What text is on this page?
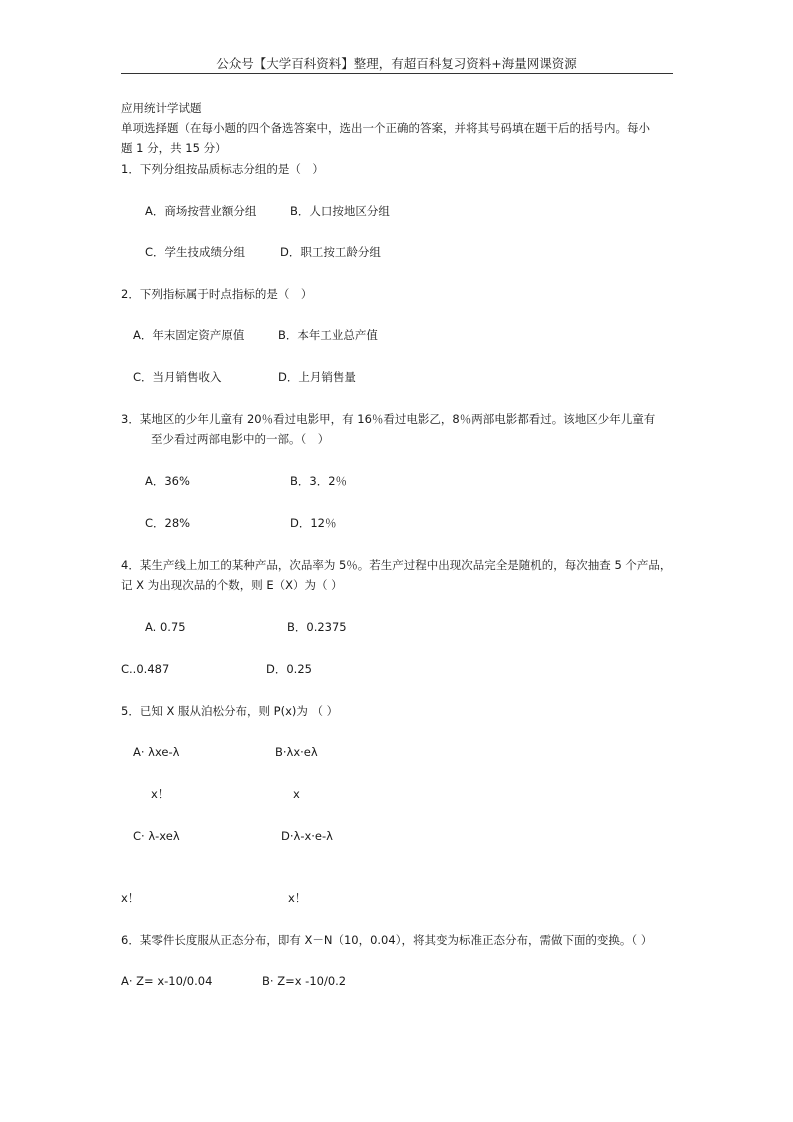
公众号【大学百科资料】整理，有超百科复习资料+海量网课资源
应用统计学试题
单项选择题（在每小题的四个备选答案中，选出一个正确的答案，并将其号码填在题干后的括号内。每小
题 1 分，共 15 分）
1．下列分组按品质标志分组的是（　）
A．商场按营业额分组	B．人口按地区分组
C．学生技成绩分组	D．职工按工龄分组
2．下列指标属于时点指标的是（　）
A．年末固定资产原值	B．本年工业总产值
C．当月销售收入	D．上月销售量
3．某地区的少年儿童有 20％看过电影甲，有 16％看过电影乙，8％两部电影都看过。该地区少年儿童有
至少看过两部电影中的一部。（　）
A．36%	B．3．2％
C．28%	D．12％
4．某生产线上加工的某种产品，次品率为 5％。若生产过程中出现次品完全是随机的，每次抽查 5 个产品，
记 X 为出现次品的个数，则 E（X）为（ ）
A. 0.75	B．0.2375
C..0.487	D．0.25
5．已知 X 服从泊松分布，则 P(x)为 （ ）
A· λxe-λ	B·λx·eλ
x！	x
C· λ-xeλ	D·λ-x·e-λ
x！	x！
6．某零件长度服从正态分布，即有 X－N（10，0.04），将其变为标准正态分布，需做下面的变换。（ ）
A· Z= x-10/0.04	B· Z=x -10/0.2
